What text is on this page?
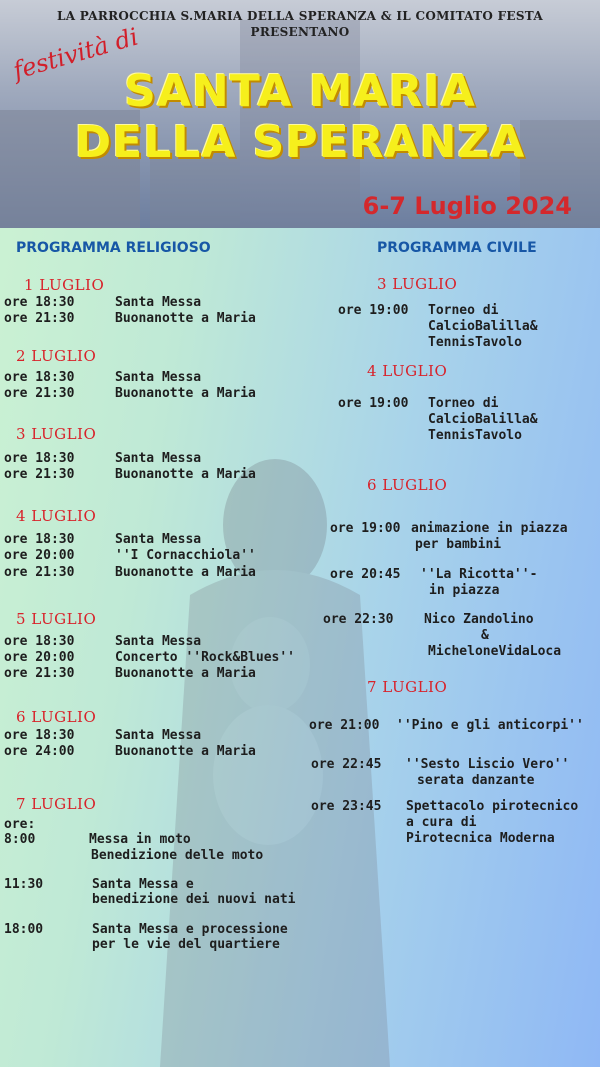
LA PARROCCHIA S.MARIA DELLA SPERANZA & IL COMITATO FESTA
PRESENTANO
festività di
SANTA MARIA
DELLA SPERANZA
6-7 Luglio 2024
PROGRAMMA RELIGIOSO	PROGRAMMA CIVILE
1 LUGLIO
ore 18:30	Santa Messa
ore 21:30	Buonanotte a Maria
2 LUGLIO
ore 18:30	Santa Messa
ore 21:30	Buonanotte a Maria
3 LUGLIO
ore 18:30	Santa Messa
ore 21:30	Buonanotte a Maria
4 LUGLIO
ore 18:30	Santa Messa
ore 20:00	''I Cornacchiola''
ore 21:30	Buonanotte a Maria
5 LUGLIO
ore 18:30	Santa Messa
ore 20:00	Concerto ''Rock&Blues''
ore 21:30	Buonanotte a Maria
6 LUGLIO
ore 18:30	Santa Messa
ore 24:00	Buonanotte a Maria
7 LUGLIO
ore:
8:00	Messa in moto
Benedizione delle moto
11:30	Santa Messa e
benedizione dei nuovi nati
18:00	Santa Messa e processione
per le vie del quartiere
3 LUGLIO
ore 19:00 Torneo di
CalcioBalilla&
TennisTavolo
4 LUGLIO
ore 19:00 Torneo di
CalcioBalilla&
TennisTavolo
6 LUGLIO
ore 19:00 animazione in piazza
per bambini
ore 20:45 ''La Ricotta''-
in piazza
ore 22:30 Nico Zandolino
&
MicheloneVidaLoca
7 LUGLIO
ore 21:00 ''Pino e gli anticorpi''
ore 22:45 ''Sesto Liscio Vero''
serata danzante
ore 23:45 Spettacolo pirotecnico
a cura di
Pirotecnica Moderna
